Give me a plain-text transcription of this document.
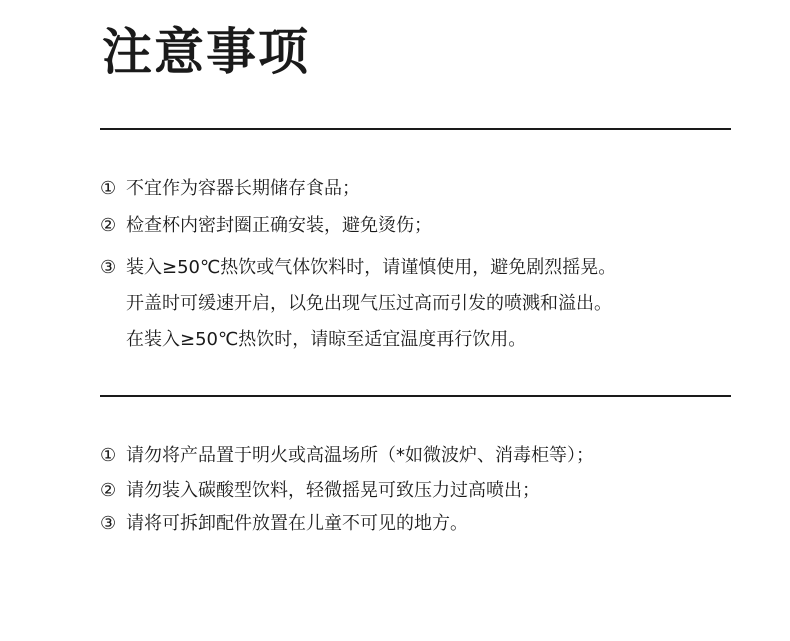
注意事项
① 不宜作为容器长期储存食品；
② 检查杯内密封圈正确安装，避免烫伤；
③ 装入≥50℃热饮或气体饮料时，请谨慎使用，避免剧烈摇晃。
开盖时可缓速开启，以免出现气压过高而引发的喷溅和溢出。
在装入≥50℃热饮时，请晾至适宜温度再行饮用。
① 请勿将产品置于明火或高温场所（*如微波炉、消毒柜等）；
② 请勿装入碳酸型饮料，轻微摇晃可致压力过高喷出；
③ 请将可拆卸配件放置在儿童不可见的地方。
